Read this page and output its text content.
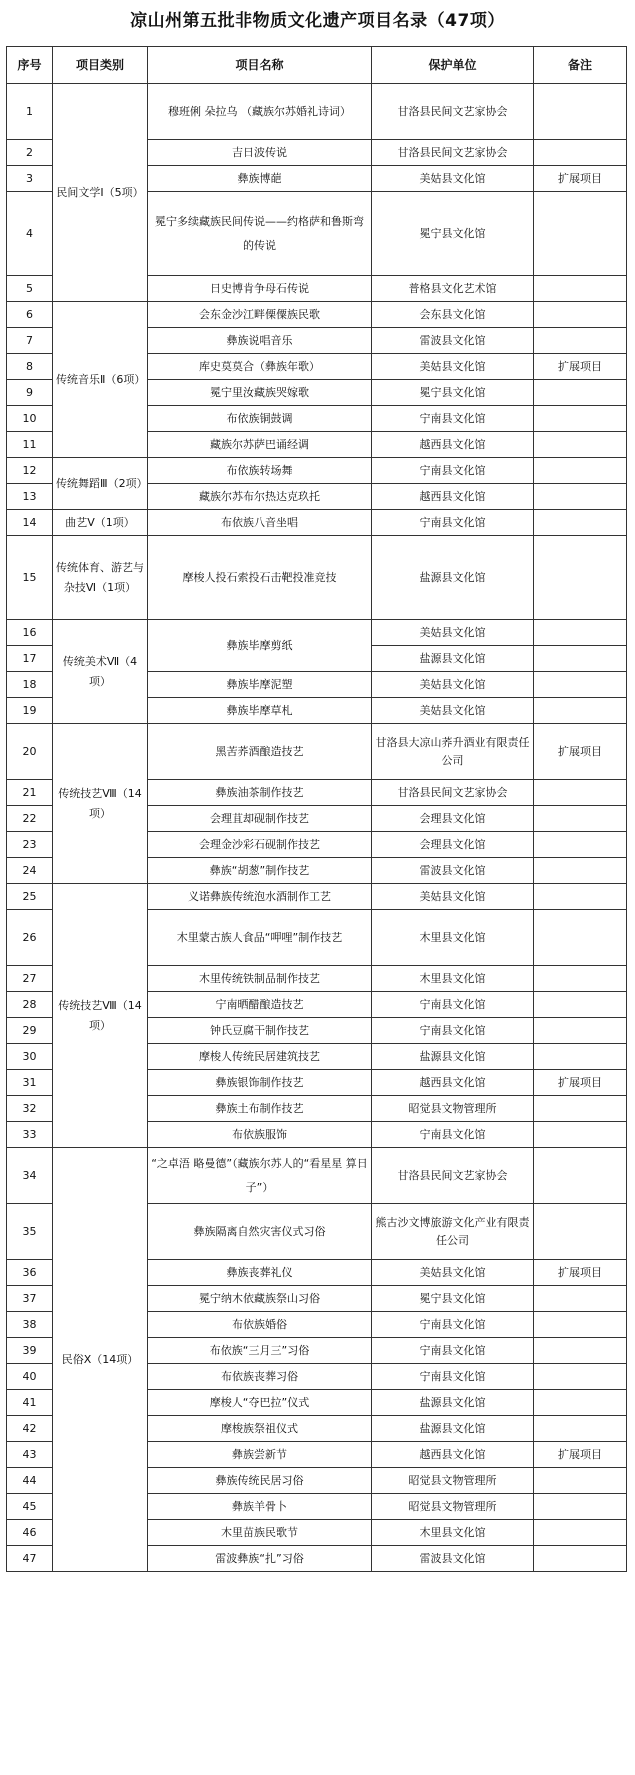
凉山州第五批非物质文化遗产项目名录（47项）
序号	项目类别	项目名称	保护单位	备注
1	民间文学Ⅰ（5项）	穆班俐 朵拉乌 （藏族尔苏婚礼诗词）	甘洛县民间文艺家协会	
2		吉日波传说	甘洛县民间文艺家协会	
3		彝族博葩	美姑县文化馆	扩展项目
4		冕宁多续藏族民间传说——约格萨和鲁斯弯的传说	冕宁县文化馆	
5		日史博肯争母石传说	普格县文化艺术馆	
6	传统音乐Ⅱ（6项）	会东金沙江畔傈僳族民歌	会东县文化馆	
7		彝族说唱音乐	雷波县文化馆	
8		库史莫莫合（彝族年歌）	美姑县文化馆	扩展项目
9		冕宁里汝藏族哭嫁歌	冕宁县文化馆	
10		布依族铜鼓调	宁南县文化馆	
11		藏族尔苏萨巴诵经调	越西县文化馆	
12	传统舞蹈Ⅲ（2项）	布依族转场舞	宁南县文化馆	
13		藏族尔苏布尔热达克玖托	越西县文化馆	
14	曲艺Ⅴ（1项）	布依族八音坐唱	宁南县文化馆	
15	传统体育、游艺与杂技Ⅵ（1项）	摩梭人投石索投石击靶投准竞技	盐源县文化馆	
16	传统美术Ⅶ（4项）	彝族毕摩剪纸	美姑县文化馆	
17			盐源县文化馆	
18		彝族毕摩泥塑	美姑县文化馆	
19		彝族毕摩草札	美姑县文化馆	
20	传统技艺Ⅷ（14项）	黑苦荞酒酿造技艺	甘洛县大凉山荞升酒业有限责任公司	扩展项目
21		彝族油茶制作技艺	甘洛县民间文艺家协会	
22		会理苴却砚制作技艺	会理县文化馆	
23		会理金沙彩石砚制作技艺	会理县文化馆	
24		彝族“胡葱”制作技艺	雷波县文化馆	
25	传统技艺Ⅷ（14项）	义诺彝族传统泡水酒制作工艺	美姑县文化馆	
26		木里蒙古族人食品“呷哩”制作技艺	木里县文化馆	
27		木里传统铁制品制作技艺	木里县文化馆	
28		宁南晒醋酿造技艺	宁南县文化馆	
29		钟氏豆腐干制作技艺	宁南县文化馆	
30		摩梭人传统民居建筑技艺	盐源县文化馆	
31		彝族银饰制作技艺	越西县文化馆	扩展项目
32		彝族土布制作技艺	昭觉县文物管理所	
33		布依族服饰	宁南县文化馆	
34	民俗Ⅹ（14项）	“之卓浯 略曼德”（藏族尔苏人的“看星星 算日子”）	甘洛县民间文艺家协会	
35		彝族隔离自然灾害仪式习俗	熊古沙文博旅游文化产业有限责任公司	
36		彝族丧葬礼仪	美姑县文化馆	扩展项目
37		冕宁纳木依藏族祭山习俗	冕宁县文化馆	
38		布依族婚俗	宁南县文化馆	
39		布依族“三月三”习俗	宁南县文化馆	
40		布依族丧葬习俗	宁南县文化馆	
41		摩梭人“夺巴拉”仪式	盐源县文化馆	
42		摩梭族祭祖仪式	盐源县文化馆	
43		彝族尝新节	越西县文化馆	扩展项目
44		彝族传统民居习俗	昭觉县文物管理所	
45		彝族羊骨卜	昭觉县文物管理所	
46		木里苗族民歌节	木里县文化馆	
47		雷波彝族“扎”习俗	雷波县文化馆	
